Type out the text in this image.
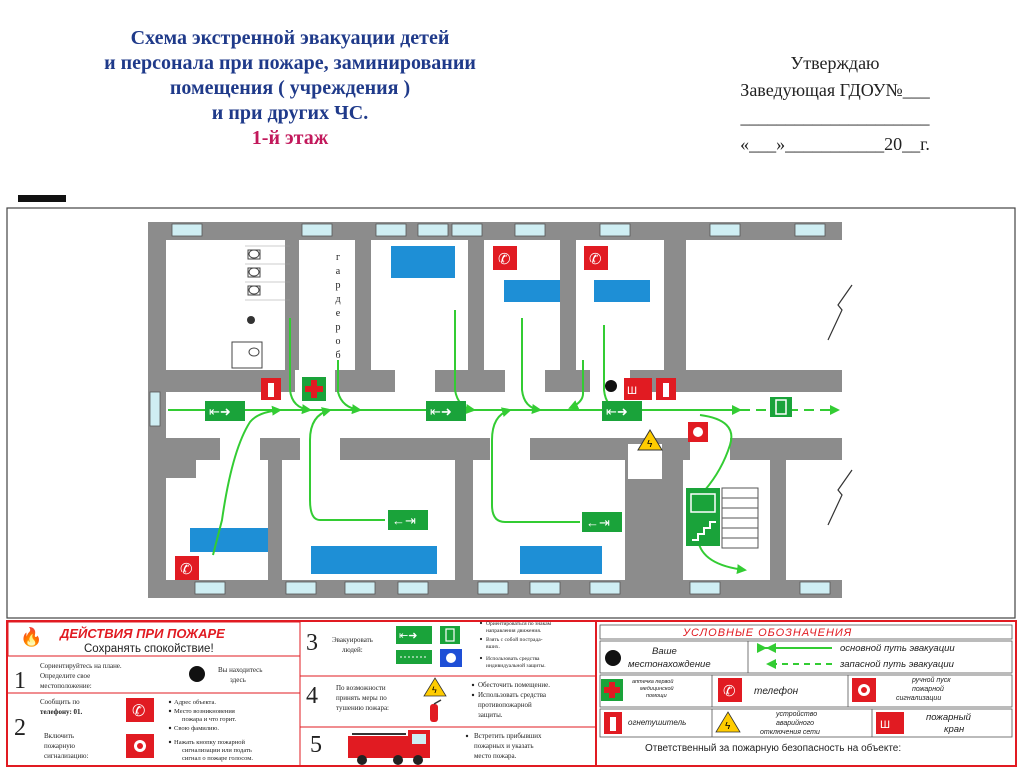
Схема экстренной эвакуации детей
и персонала при пожаре, заминировании
помещения ( учреждения )
и при других ЧС.
1-й этаж
Утверждаю
Заведующая ГДОУ№___
_____________________
«___»___________20__г.
г
а
р
д
е
р
о
б
⇤➜	⇤➜	⇤➜
←⇥	←⇥
✆	✆
✆
Ш
ϟ
🔥 ДЕЙСТВИЯ ПРИ ПОЖАРЕ
Сохранять спокойствие!
1
Сориентируйтесь на плане.
Определите свое
местоположение:
Вы находитесь
здесь
2
Сообщить по
телефону: 01.
Включить
пожарную
сигнализацию:
✆
Адрес объекта.
Место возникновения
пожара и что горит.
Свою фамилию.
Нажать кнопку пожарной
сигнализации или подать
сигнал о пожаре голосом.
3 Эвакуировать
людей:
⇤➜
Ориентироваться по знакам
направления движения.
Взять с собой пострада-
вших.
Использовать средства
индивидуальной защиты.
4	По возможности
принять меры по
тушению пожара:
ϟ	Обесточить помещение.
Использовать средства
противопожарной
защиты.
5	Встретить прибывших
пожарных и указать
место пожара.
УСЛОВНЫЕ ОБОЗНАЧЕНИЯ
Ваше
местонахождение
основной путь эвакуации
запасной путь эвакуации
аптечка первой
медицинской
помощи	✆ телефон
ручной пуск
пожарной
сигнализации
огнетушитель	ϟ
устройство
аварийного
отключения сети
Ш
пожарный
кран
Ответственный за пожарную безопасность на объекте:
